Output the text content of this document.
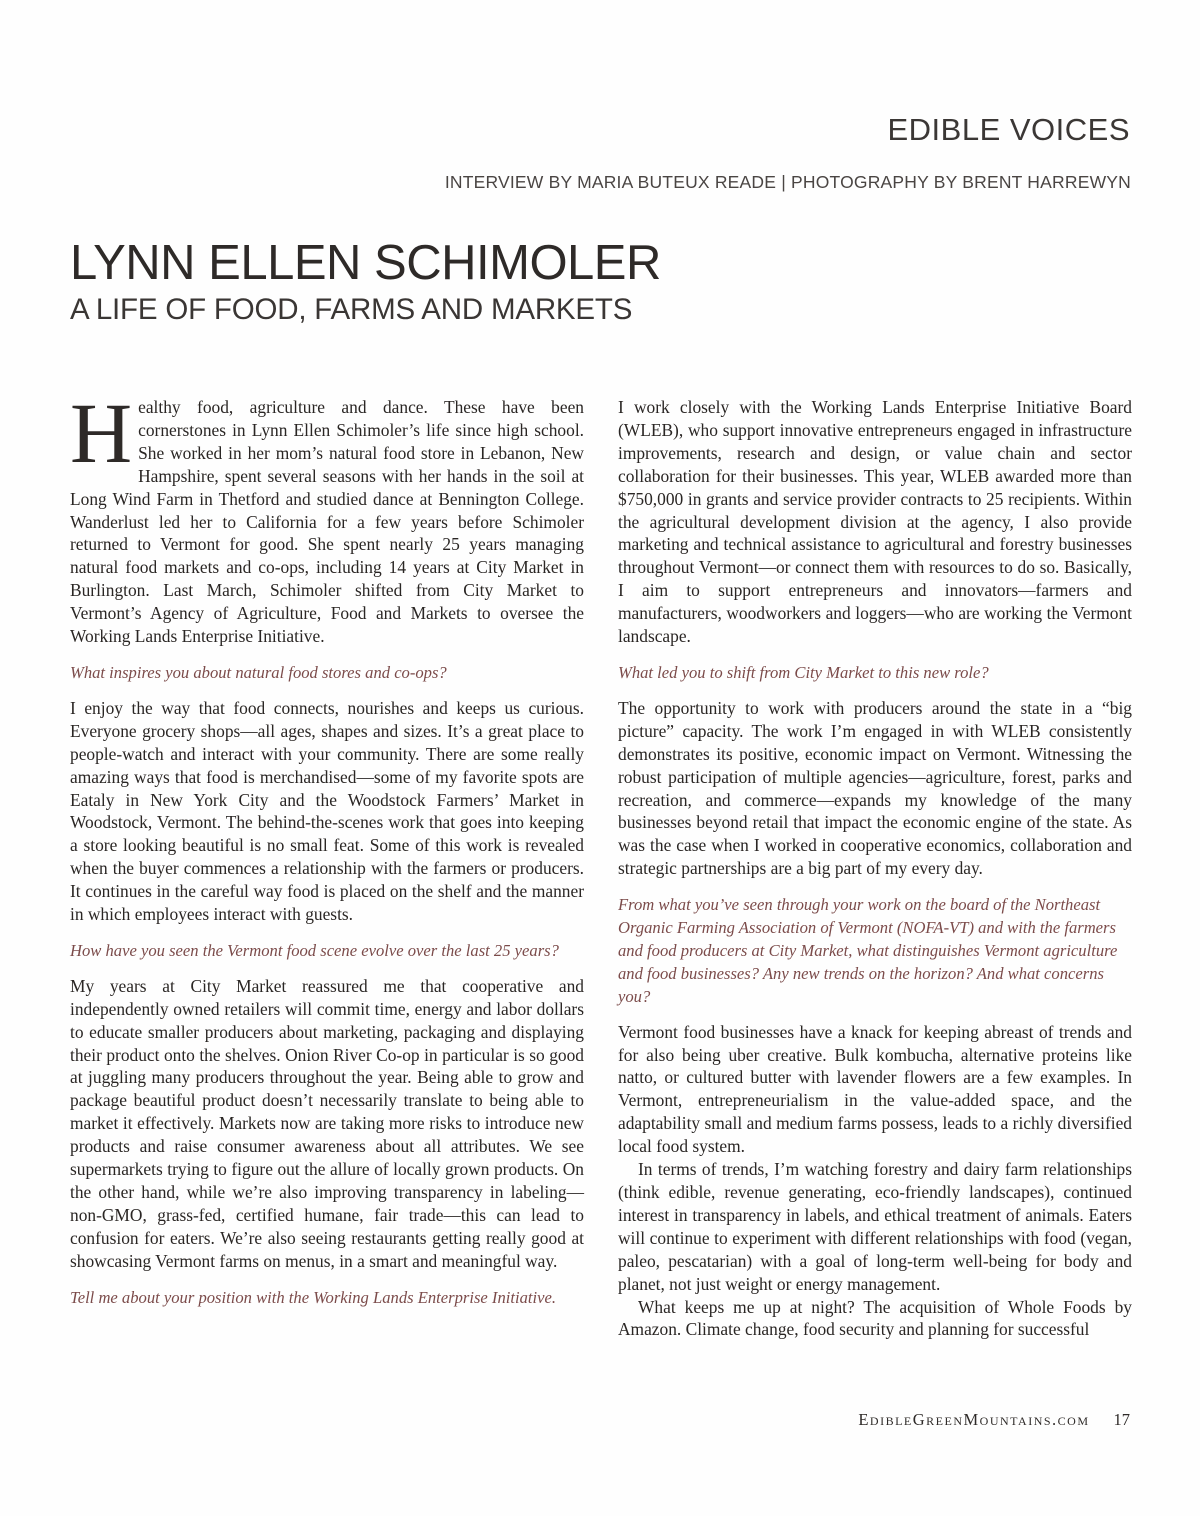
EDIBLE VOICES
INTERVIEW BY MARIA BUTEUX READE | PHOTOGRAPHY BY BRENT HARREWYN
LYNN ELLEN SCHIMOLER
A LIFE OF FOOD, FARMS AND MARKETS

Healthy food, agriculture and dance. These have been cornerstones in Lynn Ellen Schimoler’s life since high school. She worked in her mom’s natural food store in Lebanon, New Hampshire, spent several seasons with her hands in the soil at Long Wind Farm in Thetford and studied dance at Bennington College. Wanderlust led her to California for a few years before Schimoler returned to Vermont for good. She spent nearly 25 years managing natural food markets and co-ops, including 14 years at City Market in Burlington. Last March, Schimoler shifted from City Market to Vermont’s Agency of Agriculture, Food and Markets to oversee the Working Lands Enterprise Initiative.

What inspires you about natural food stores and co-ops?

I enjoy the way that food connects, nourishes and keeps us curious. Everyone grocery shops—all ages, shapes and sizes. It’s a great place to people-watch and interact with your community. There are some really amazing ways that food is merchandised—some of my favorite spots are Eataly in New York City and the Woodstock Farmers’ Market in Woodstock, Vermont. The behind-the-scenes work that goes into keeping a store looking beautiful is no small feat. Some of this work is revealed when the buyer commences a relationship with the farmers or producers. It continues in the careful way food is placed on the shelf and the manner in which employees interact with guests.

How have you seen the Vermont food scene evolve over the last 25 years?

My years at City Market reassured me that cooperative and independently owned retailers will commit time, energy and labor dollars to educate smaller producers about marketing, packaging and displaying their product onto the shelves. Onion River Co-op in particular is so good at juggling many producers throughout the year. Being able to grow and package beautiful product doesn’t necessarily translate to being able to market it effectively. Markets now are taking more risks to introduce new products and raise consumer awareness about all attributes. We see supermarkets trying to figure out the allure of locally grown products. On the other hand, while we’re also improving transparency in labeling—non-GMO, grass-fed, certified humane, fair trade—this can lead to confusion for eaters. We’re also seeing restaurants getting really good at showcasing Vermont farms on menus, in a smart and meaningful way.

Tell me about your position with the Working Lands Enterprise Initiative.

I work closely with the Working Lands Enterprise Initiative Board (WLEB), who support innovative entrepreneurs engaged in infrastructure improvements, research and design, or value chain and sector collaboration for their businesses. This year, WLEB awarded more than $750,000 in grants and service provider contracts to 25 recipients. Within the agricultural development division at the agency, I also provide marketing and technical assistance to agricultural and forestry businesses throughout Vermont—or connect them with resources to do so. Basically, I aim to support entrepreneurs and innovators—farmers and manufacturers, woodworkers and loggers—who are working the Vermont landscape.

What led you to shift from City Market to this new role?

The opportunity to work with producers around the state in a “big picture” capacity. The work I’m engaged in with WLEB consistently demonstrates its positive, economic impact on Vermont. Witnessing the robust participation of multiple agencies—agriculture, forest, parks and recreation, and commerce—expands my knowledge of the many businesses beyond retail that impact the economic engine of the state. As was the case when I worked in cooperative economics, collaboration and strategic partnerships are a big part of my every day.

From what you’ve seen through your work on the board of the Northeast Organic Farming Association of Vermont (NOFA-VT) and with the farmers and food producers at City Market, what distinguishes Vermont agriculture and food businesses? Any new trends on the horizon? And what concerns you?

Vermont food businesses have a knack for keeping abreast of trends and for also being uber creative. Bulk kombucha, alternative proteins like natto, or cultured butter with lavender flowers are a few examples. In Vermont, entrepreneurialism in the value-added space, and the adaptability small and medium farms possess, leads to a richly diversified local food system.

In terms of trends, I’m watching forestry and dairy farm relationships (think edible, revenue generating, eco-friendly landscapes), continued interest in transparency in labels, and ethical treatment of animals. Eaters will continue to experiment with different relationships with food (vegan, paleo, pescatarian) with a goal of long-term well-being for body and planet, not just weight or energy management.

What keeps me up at night? The acquisition of Whole Foods by Amazon. Climate change, food security and planning for successful

EdibleGreenMountains.com 17
